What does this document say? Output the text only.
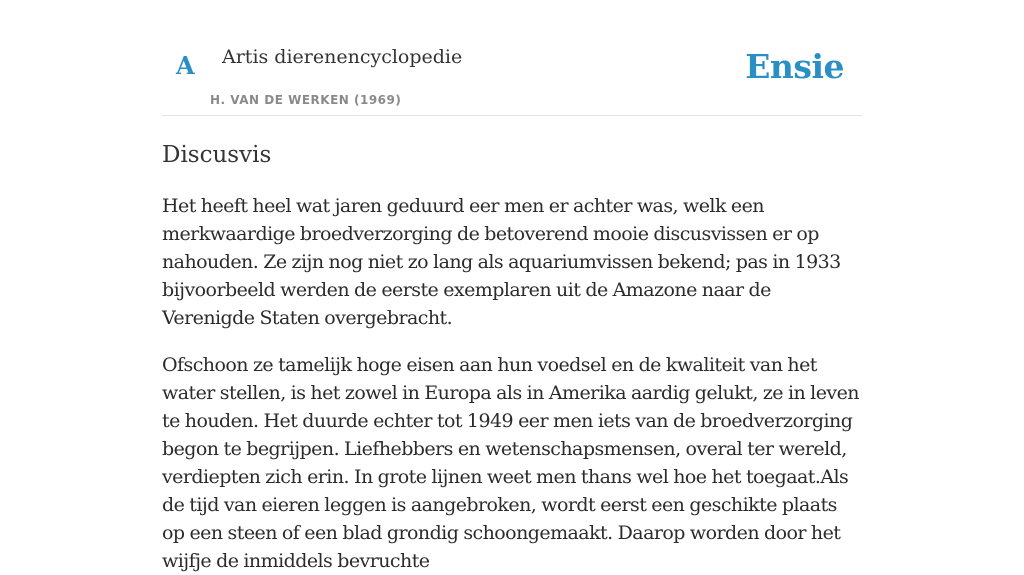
A Artis dierenencyclopedie
H. VAN DE WERKEN (1969)
Ensie
Discusvis

Het heeft heel wat jaren geduurd eer men er achter was, welk een merkwaardige broedverzorging de betoverend mooie discusvissen er op nahouden. Ze zijn nog niet zo lang als aquariumvissen bekend; pas in 1933 bijvoorbeeld werden de eerste exemplaren uit de Amazone naar de Verenigde Staten overgebracht.

Ofschoon ze tamelijk hoge eisen aan hun voedsel en de kwaliteit van het water stellen, is het zowel in Europa als in Amerika aardig gelukt, ze in leven te houden. Het duurde echter tot 1949 eer men iets van de broedverzorging begon te begrijpen. Liefhebbers en wetenschapsmensen, overal ter wereld, verdiepten zich erin. In grote lijnen weet men thans wel hoe het toegaat.Als de tijd van eieren leggen is aangebroken, wordt eerst een geschikte plaats op een steen of een blad grondig schoongemaakt. Daarop worden door het wijfje de inmiddels bevruchte
